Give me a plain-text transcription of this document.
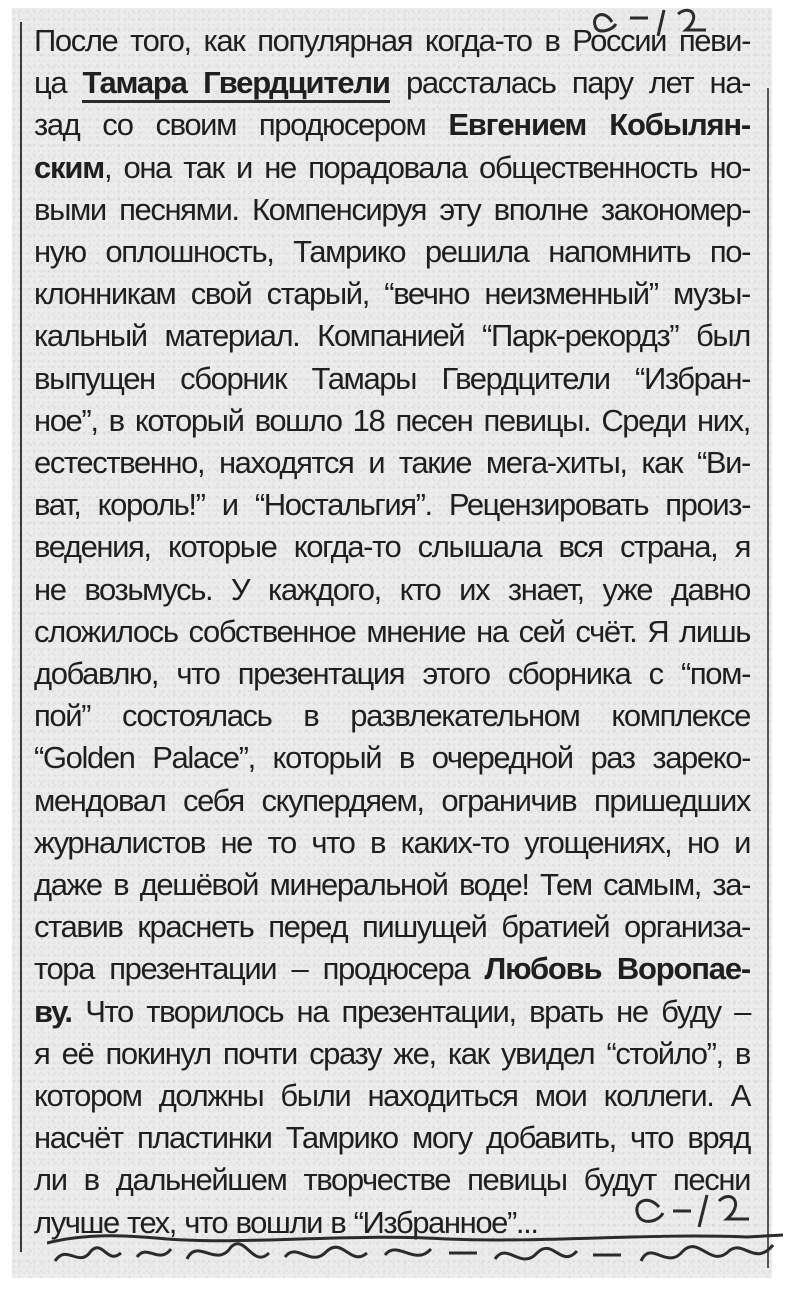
После того, как популярная когда-то в России певи-
ца Тамара Гвердцители рассталась пару лет на-
зад со своим продюсером Евгением Кобылян-
ским, она так и не порадовала общественность но-
выми песнями. Компенсируя эту вполне закономер-
ную оплошность, Тамрико решила напомнить по-
клонникам свой старый, “вечно неизменный” музы-
кальный материал. Компанией “Парк-рекордз” был
выпущен сборник Тамары Гвердцители “Избран-
ное”, в который вошло 18 песен певицы. Среди них,
естественно, находятся и такие мега-хиты, как “Ви-
ват, король!” и “Ностальгия”. Рецензировать произ-
ведения, которые когда-то слышала вся страна, я
не возьмусь. У каждого, кто их знает, уже давно
сложилось собственное мнение на сей счёт. Я лишь
добавлю, что презентация этого сборника с “пом-
пой” состоялась в развлекательном комплексе
“Golden Palace”, который в очередной раз зареко-
мендовал себя скупердяем, ограничив пришедших
журналистов не то что в каких-то угощениях, но и
даже в дешёвой минеральной воде! Тем самым, за-
ставив краснеть перед пишущей братией организа-
тора презентации – продюсера Любовь Воропае-
ву. Что творилось на презентации, врать не буду –
я её покинул почти сразу же, как увидел “стойло”, в
котором должны были находиться мои коллеги. А
насчёт пластинки Тамрико могу добавить, что вряд
ли в дальнейшем творчестве певицы будут песни
лучше тех, что вошли в “Избранное”...
